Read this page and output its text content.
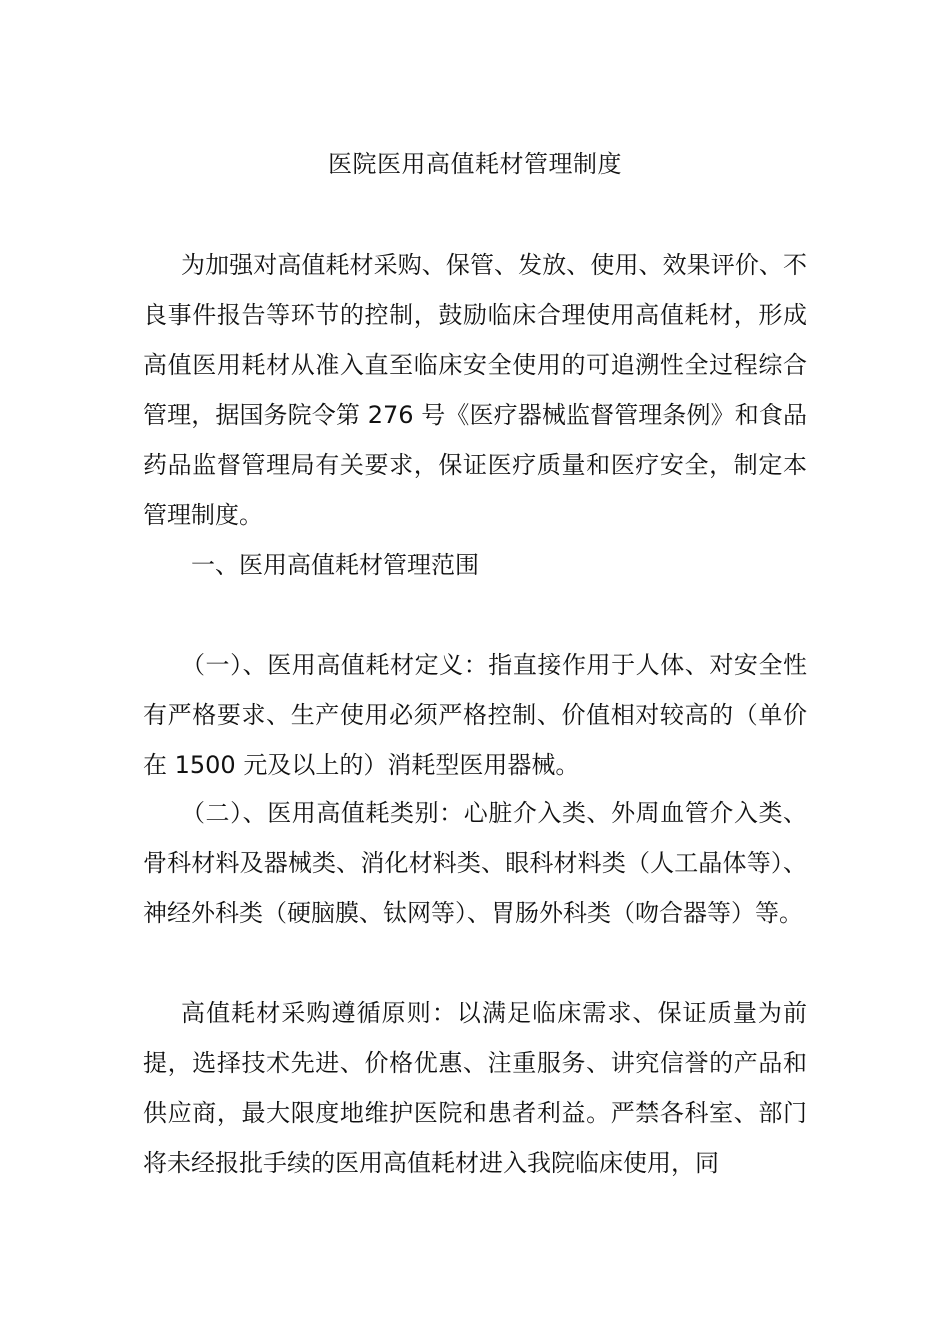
医院医用高值耗材管理制度

为加强对高值耗材采购、保管、发放、使用、效果评价、不良事件报告等环节的控制，鼓励临床合理使用高值耗材，形成高值医用耗材从准入直至临床安全使用的可追溯性全过程综合管理，据国务院令第 276 号《医疗器械监督管理条例》和食品药品监督管理局有关要求，保证医疗质量和医疗安全，制定本管理制度。

一、医用高值耗材管理范围

（一）、医用高值耗材定义：指直接作用于人体、对安全性有严格要求、生产使用必须严格控制、价值相对较高的（单价在 1500 元及以上的）消耗型医用器械。

（二）、医用高值耗类别：心脏介入类、外周血管介入类、骨科材料及器械类、消化材料类、眼科材料类（人工晶体等）、神经外科类（硬脑膜、钛网等）、胃肠外科类（吻合器等）等。

高值耗材采购遵循原则：以满足临床需求、保证质量为前提，选择技术先进、价格优惠、注重服务、讲究信誉的产品和供应商，最大限度地维护医院和患者利益。严禁各科室、部门将未经报批手续的医用高值耗材进入我院临床使用，同
